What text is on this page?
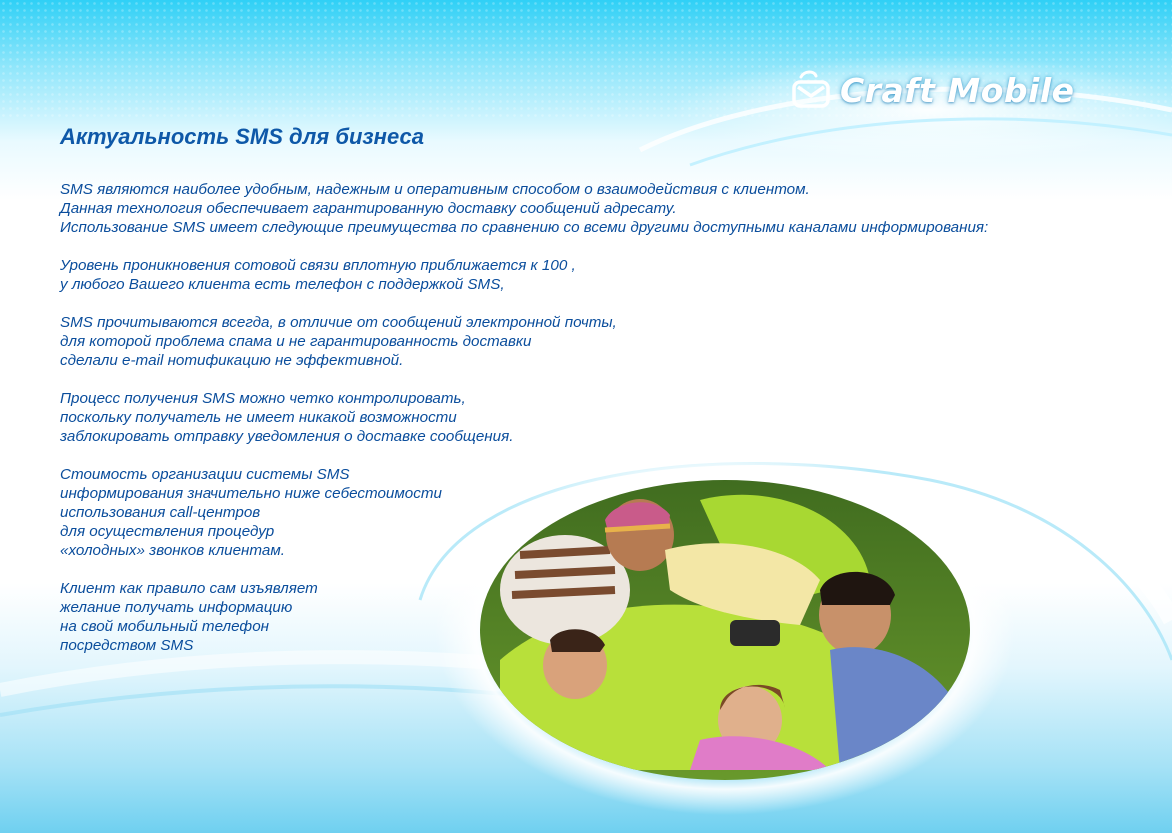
Craft Mobile
Актуальность SMS для бизнеса

SMS являются наиболее удобным, надежным и оперативным способом о взаимодействия с клиентом.
Данная технология обеспечивает гарантированную доставку сообщений адресату.
Использование SMS имеет следующие преимущества по сравнению со всеми другими доступными каналами информирования:

Уровень проникновения сотовой связи вплотную приближается к 100 ,
у любого Вашего клиента есть телефон с поддержкой SMS,

SMS прочитываются всегда, в отличие от сообщений электронной почты,
для которой проблема спама и не гарантированность доставки
сделали e-mail нотификацию не эффективной.

Процесс получения SMS можно четко контролировать,
поскольку получатель не имеет никакой возможности
заблокировать отправку уведомления о доставке сообщения.

Стоимость организации системы SMS
информирования значительно ниже себестоимости
использования call-центров
для осуществления процедур
«холодных» звонков клиентам.

Клиент как правило сам изъявляет
желание получать информацию
на свой мобильный телефон
посредством SMS
